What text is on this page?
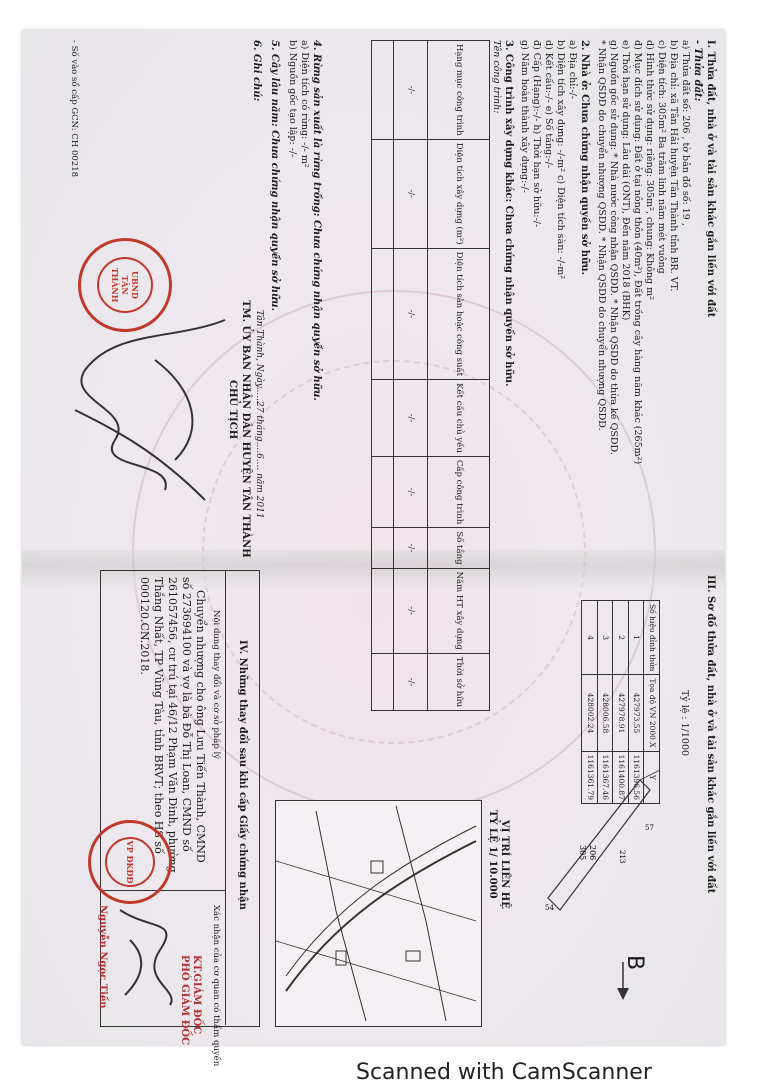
I. Thửa đất, nhà ở và tài sản khác gắn liền với đất
- Thửa đất:
a) Thửa đất số: 206 , tờ bản đồ số: 19 ,
b) Địa chỉ: xã Tân Hải huyện Tân Thành tỉnh BR. VT.
c) Diện tích: 305m² Ba trăm linh năm mét vuông
d) Hình thức sử dụng: riêng: 305m², chung: Không m²
đ) Mục đích sử dụng: Đất ở tại nông thôn (40m²), Đất trồng cây hàng năm khác (265m²)
e) Thời hạn sử dụng: Lâu dài (ONT), Đến năm 2018 (BHK)
g) Nguồn gốc sử dụng: * Nhà nước công nhận QSDD. * Nhận QSDD do thừa kế QSDD.
* Nhận QSDD do chuyển nhượng QSDD. * Nhận QSDD do chuyển nhượng QSDD.
2. Nhà ở: Chưa chứng nhận quyền sở hữu.
a) Địa chỉ:-/-
b) Diện tích xây dựng: -/-m² c) Diện tích sàn: -/-m²
d) Kết cấu:-/- e) Số tầng:-/-
đ) Cấp (Hạng):-/- h) Thời hạn sở hữu:-/-
g) Năm hoàn thành xây dựng:-/-
3. Công trình xây dựng khác: Chưa chứng nhận quyền sở hữu.
Tên công trình:
Hạng mục công trình	Diện tích xây dựng (m²)	Diện tích sàn hoặc công suất	Kết cấu chủ yếu	Cấp công trình	Số tầng	Năm HT xây dựng	Thời sở hữu
-/-	-/-	-/-	-/-	-/-	-/-	-/-	-/-

4. Rừng sản xuất là rừng trồng: Chưa chứng nhận quyền sở hữu.
a) Diện tích có rừng: -/- m²
b) Nguồn gốc tạo lập: -/-
5. Cây lâu năm: Chưa chứng nhận quyền sở hữu.
6. Ghi chú:
Tân Thành, Ngày.....27 tháng....6.... năm 2011
TM. ỦY BAN NHÂN DÂN HUYỆN TÂN THÀNH
CHỦ TỊCH
- Số vào sổ cấp GCN: CH 00218
UBND
TÂN THÀNH
III. Sơ đồ thửa đất, nhà ở và tài sản khác gắn liền với đất
Tỷ lệ : 1/1000
Số hiệu đỉnh thửa	Tọa độ VN 2000 X	Y
1	427973.55	1161396.56
2	427978.91	1161400.87
3	428006.58	1161367.46
4	428002.24	1161361.79
206
305	213
54
57
VỊ TRÍ LIÊN HỆ
TỶ LỆ 1/ 10.000
B
IV. Những thay đổi sau khi cấp Giấy chứng nhận
Nội dung thay đổi và cơ sở pháp lý
Xác nhận của cơ quan có thẩm quyền
Chuyển nhượng cho ông Lưu Tiến Thành, CMND
số 273694100 và vợ là bà Đỗ Thị Loan, CMND số
261057456, cư trú tại 46/12 Phạm Văn Dinh, phường
Thắng Nhất, TP Vũng Tàu, tỉnh BRVT; theo HS số
000120.CN.2018.
KT.GIÁM ĐỐC
PHÓ GIÁM ĐỐC
Nguyễn Ngọc Tiến
VP ĐKĐĐ
Scanned with CamScanner
